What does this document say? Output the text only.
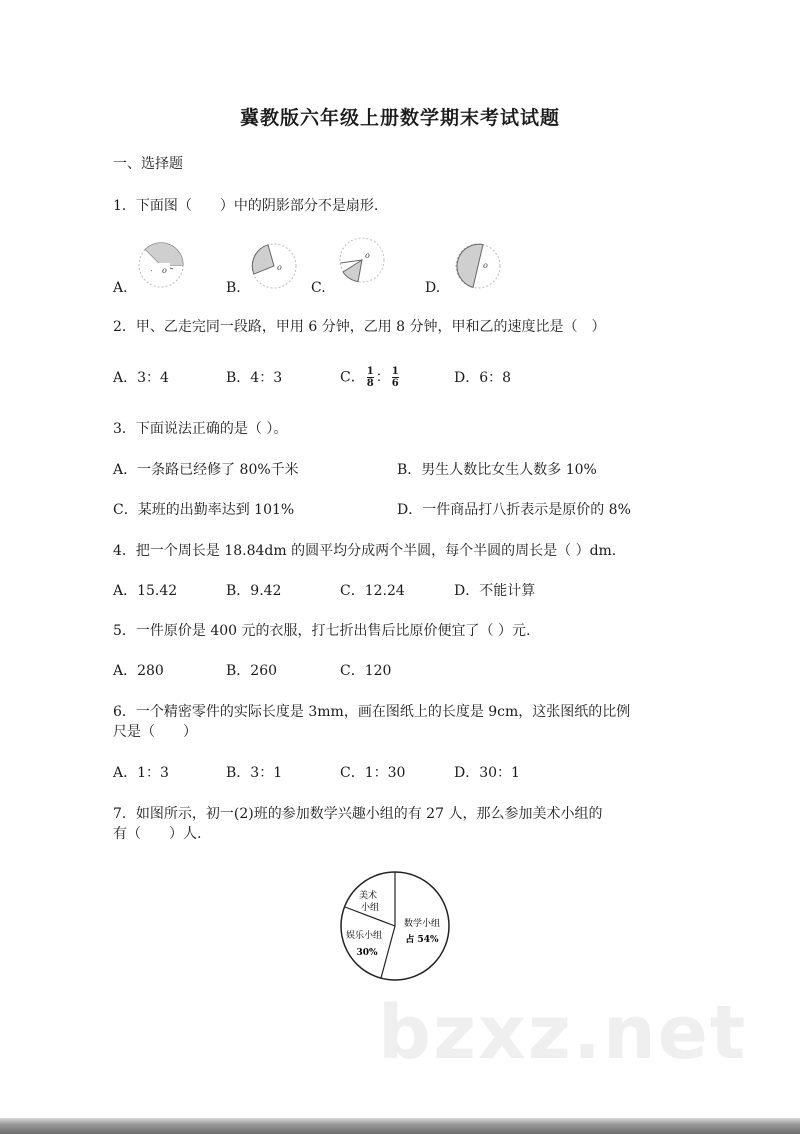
冀教版六年级上册数学期末考试试题
一、选择题
1．下面图（　　）中的阴影部分不是扇形.
A.
o
B.
o
C.
o
D.
o
2．甲、乙走完同一段路，甲用 6 分钟，乙用 8 分钟，甲和乙的速度比是（　）
A．3：4	B．4：3	C． $\frac{1}{8}$ ： $\frac{1}{6}$	D．6：8
3．下面说法正确的是（ ）。
A．一条路已经修了 80%千米	B．男生人数比女生人数多 10%
C．某班的出勤率达到 101%	D．一件商品打八折表示是原价的 8%
4．把一个周长是 18.84dm 的圆平均分成两个半圆，每个半圆的周长是（ ）dm.
A．15.42	B．9.42	C．12.24	D．不能计算
5．一件原价是 400 元的衣服，打七折出售后比原价便宜了（ ）元.
A．280	B．260	C．120
6．一个精密零件的实际长度是 3mm，画在图纸上的长度是 9cm，这张图纸的比例
尺是（　　）
A．1：3	B．3：1	C．1：30	D．30：1
7．如图所示，初一(2)班的参加数学兴趣小组的有 27 人，那么参加美术小组的
有（　　）人.
美术
小组
娱乐小组
30%
数学小组
占 54%
bzxz.net
